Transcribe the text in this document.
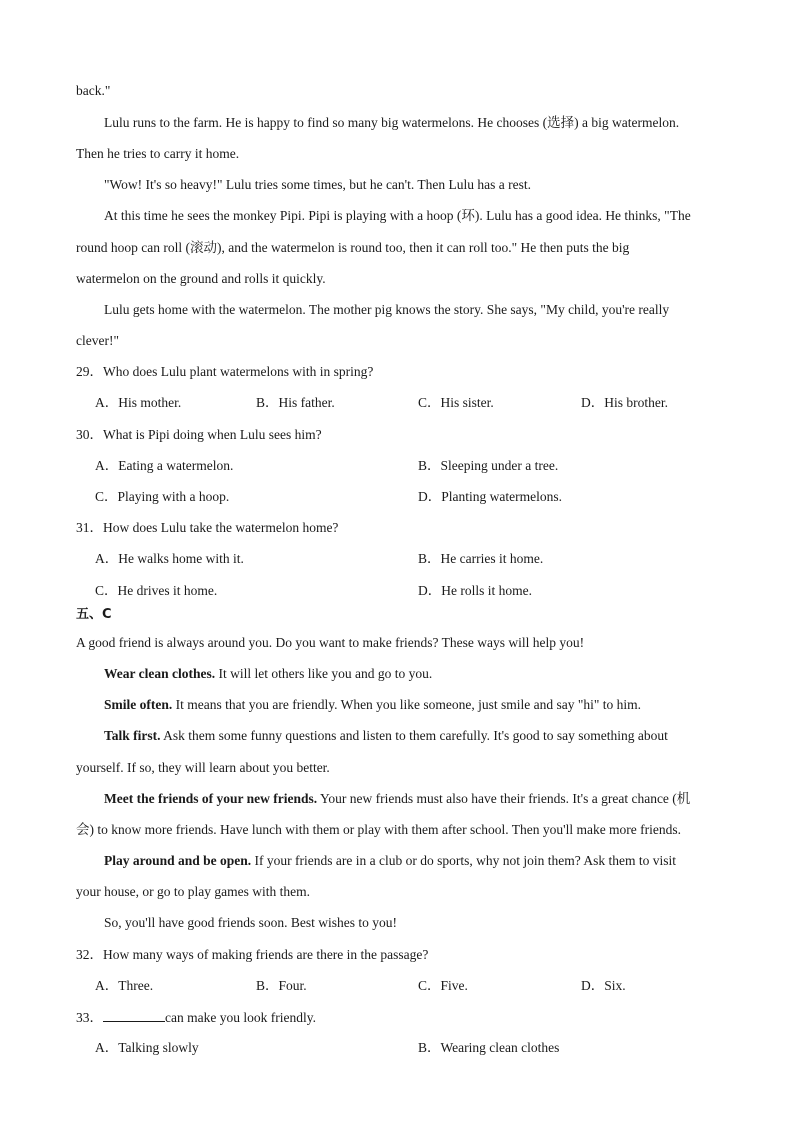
back."
Lulu runs to the farm. He is happy to find so many big watermelons. He chooses (选择) a big watermelon.
Then he tries to carry it home.
"Wow! It's so heavy!" Lulu tries some times, but he can't. Then Lulu has a rest.
At this time he sees the monkey Pipi. Pipi is playing with a hoop (环). Lulu has a good idea. He thinks, "The
round hoop can roll (滚动), and the watermelon is round too, then it can roll too." He then puts the big
watermelon on the ground and rolls it quickly.
Lulu gets home with the watermelon. The mother pig knows the story. She says, "My child, you're really
clever!"
29．Who does Lulu plant watermelons with in spring?
A．His mother.	B．His father.	C．His sister.	D．His brother.
30．What is Pipi doing when Lulu sees him?
A．Eating a watermelon.	B．Sleeping under a tree.
C．Playing with a hoop.	D．Planting watermelons.
31．How does Lulu take the watermelon home?
A．He walks home with it.	B．He carries it home.
C．He drives it home.	D．He rolls it home.
五、C
A good friend is always around you. Do you want to make friends? These ways will help you!
Wear clean clothes. It will let others like you and go to you.
Smile often. It means that you are friendly. When you like someone, just smile and say "hi" to him.
Talk first. Ask them some funny questions and listen to them carefully. It's good to say something about
yourself. If so, they will learn about you better.
Meet the friends of your new friends. Your new friends must also have their friends. It's a great chance (机
会) to know more friends. Have lunch with them or play with them after school. Then you'll make more friends.
Play around and be open. If your friends are in a club or do sports, why not join them? Ask them to visit
your house, or go to play games with them.
So, you'll have good friends soon. Best wishes to you!
32．How many ways of making friends are there in the passage?
A．Three.	B．Four.	C．Five.	D．Six.
33．	can make you look friendly.
A．Talking slowly	B．Wearing clean clothes
